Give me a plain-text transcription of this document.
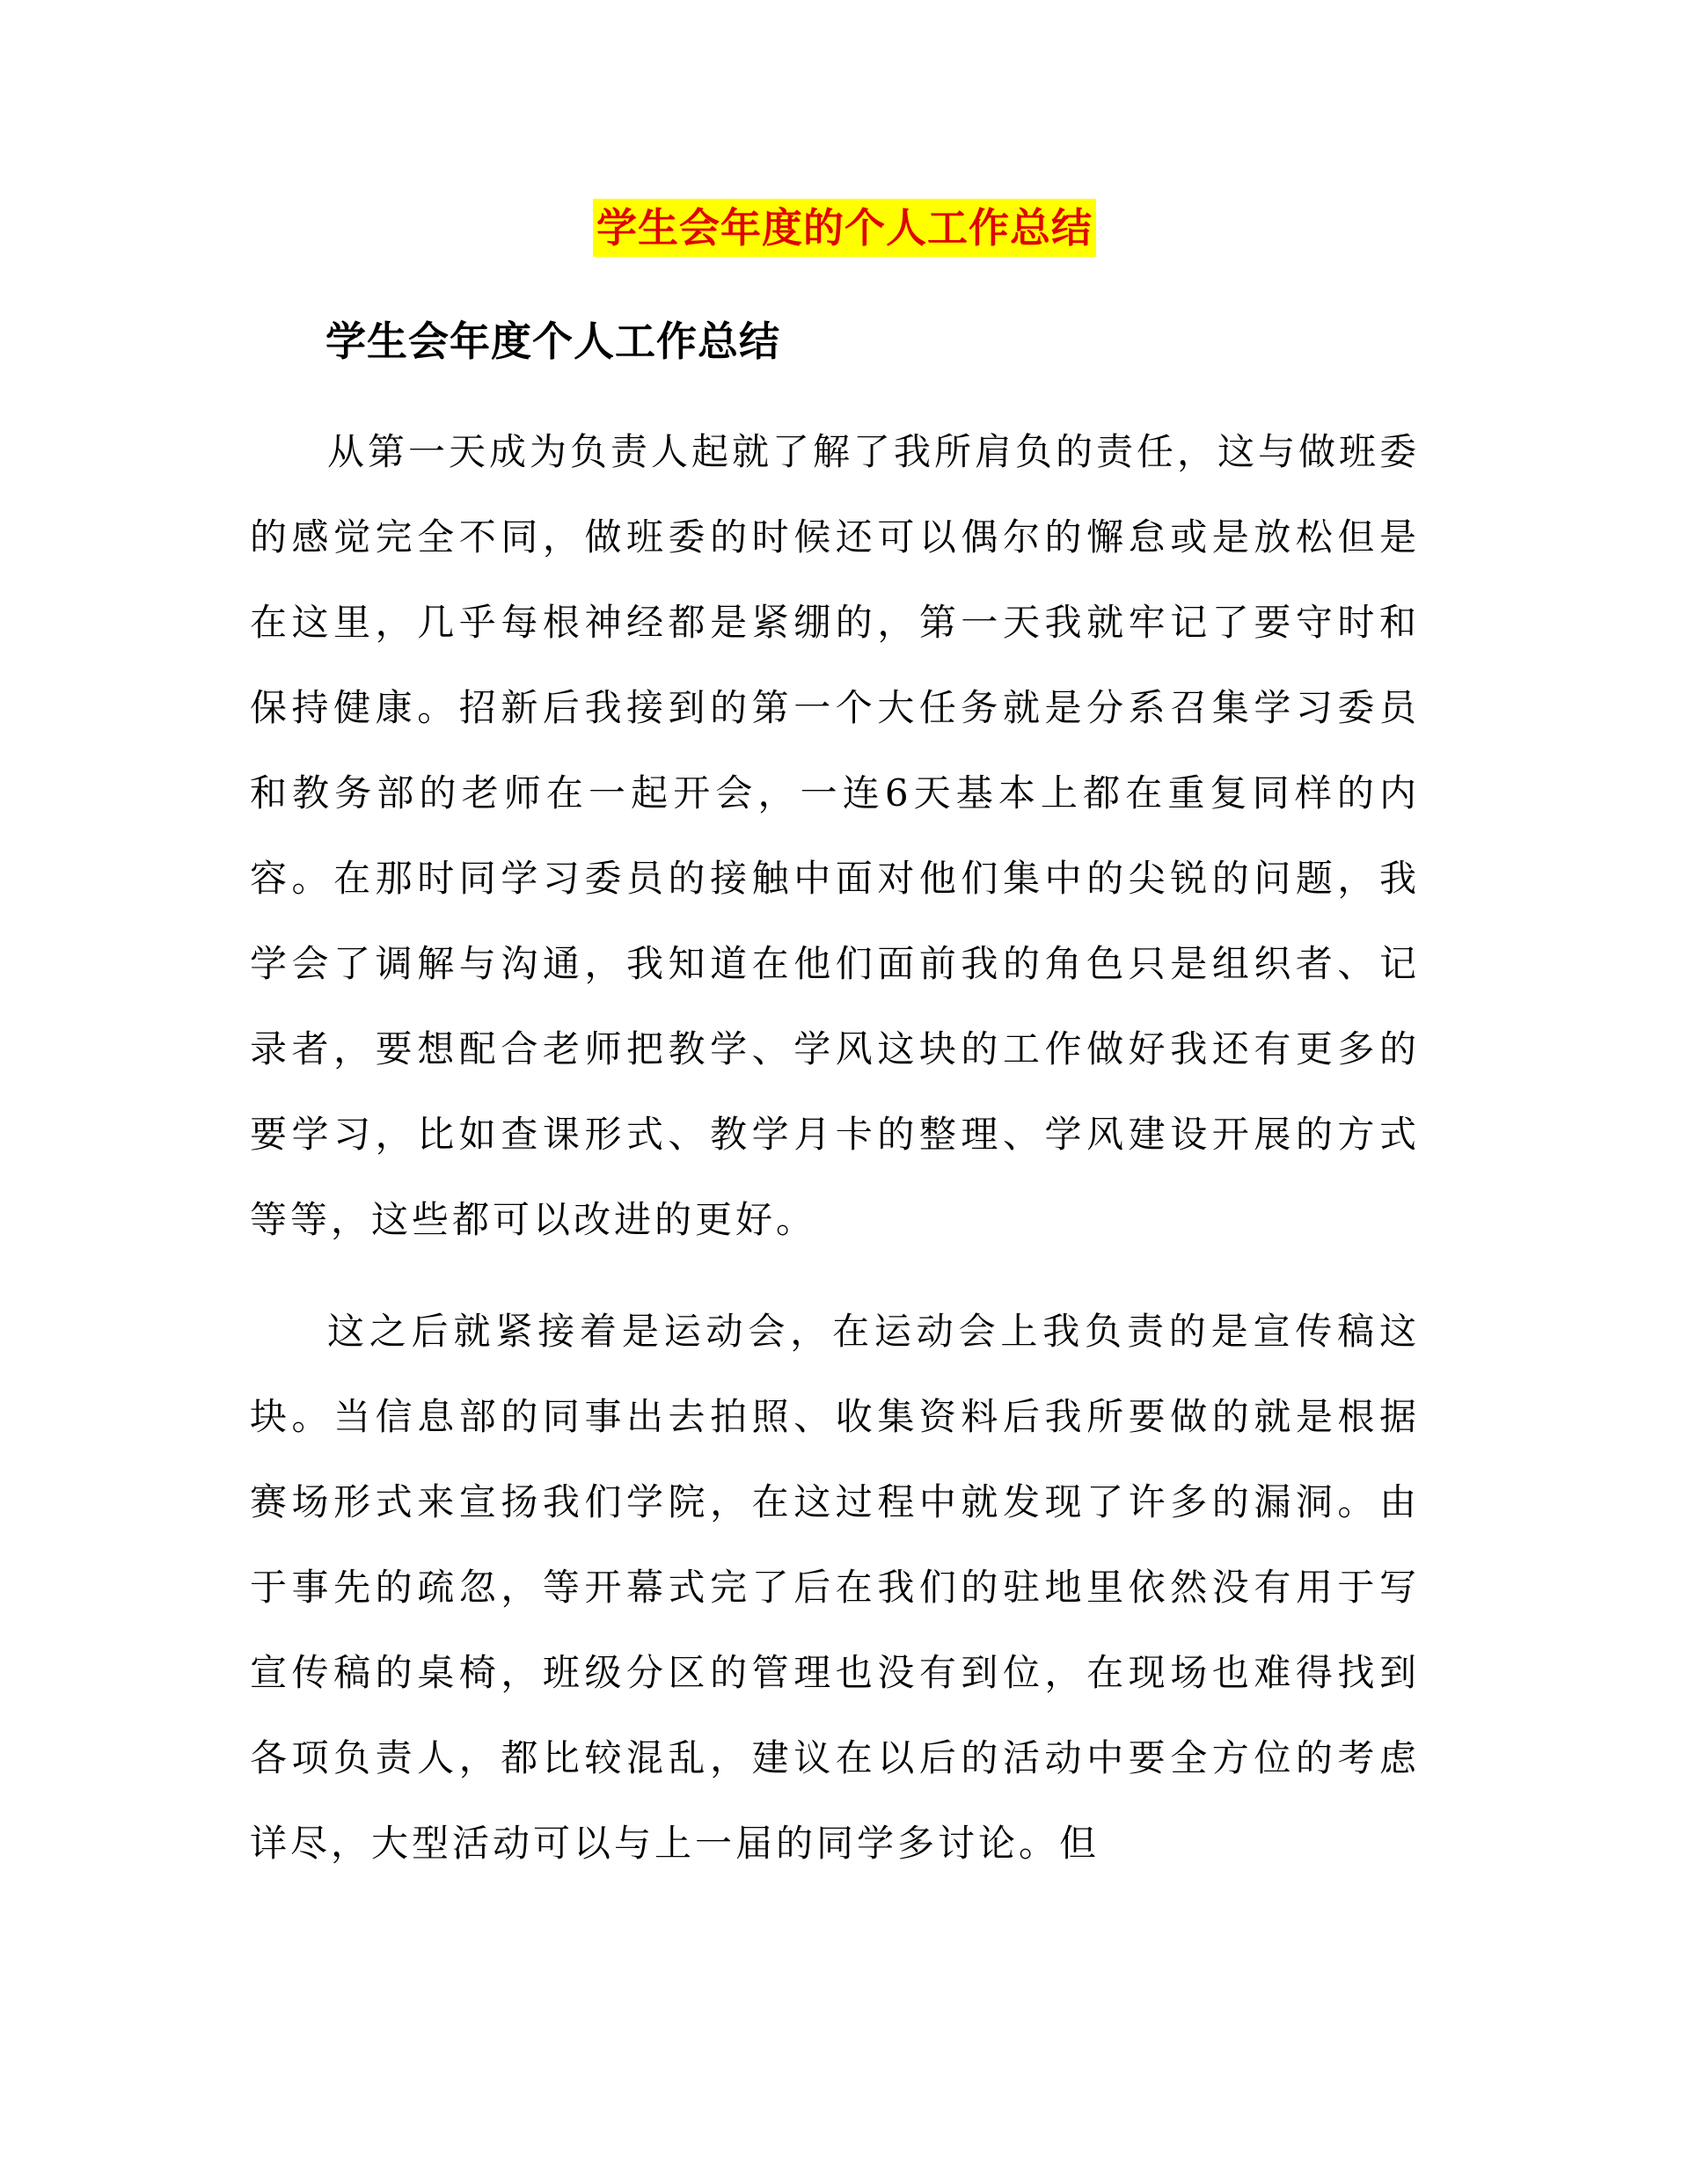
学生会年度的个人工作总结
学生会年度个人工作总结

从第一天成为负责人起就了解了我所肩负的责任，这与做班委的感觉完全不同，做班委的时候还可以偶尔的懈怠或是放松但是在这里，几乎每根神经都是紧绷的，第一天我就牢记了要守时和保持健康。招新后我接到的第一个大任务就是分系召集学习委员和教务部的老师在一起开会，一连6天基本上都在重复同样的内容。在那时同学习委员的接触中面对他们集中的尖锐的问题，我学会了调解与沟通，我知道在他们面前我的角色只是组织者、记录者，要想配合老师把教学、学风这块的工作做好我还有更多的要学习，比如查课形式、教学月卡的整理、学风建设开展的方式等等，这些都可以改进的更好。

这之后就紧接着是运动会，在运动会上我负责的是宣传稿这块。当信息部的同事出去拍照、收集资料后我所要做的就是根据赛场形式来宣扬我们学院，在这过程中就发现了许多的漏洞。由于事先的疏忽，等开幕式完了后在我们的驻地里依然没有用于写宣传稿的桌椅，班级分区的管理也没有到位，在现场也难得找到各项负责人，都比较混乱，建议在以后的活动中要全方位的考虑详尽，大型活动可以与上一届的同学多讨论。但
